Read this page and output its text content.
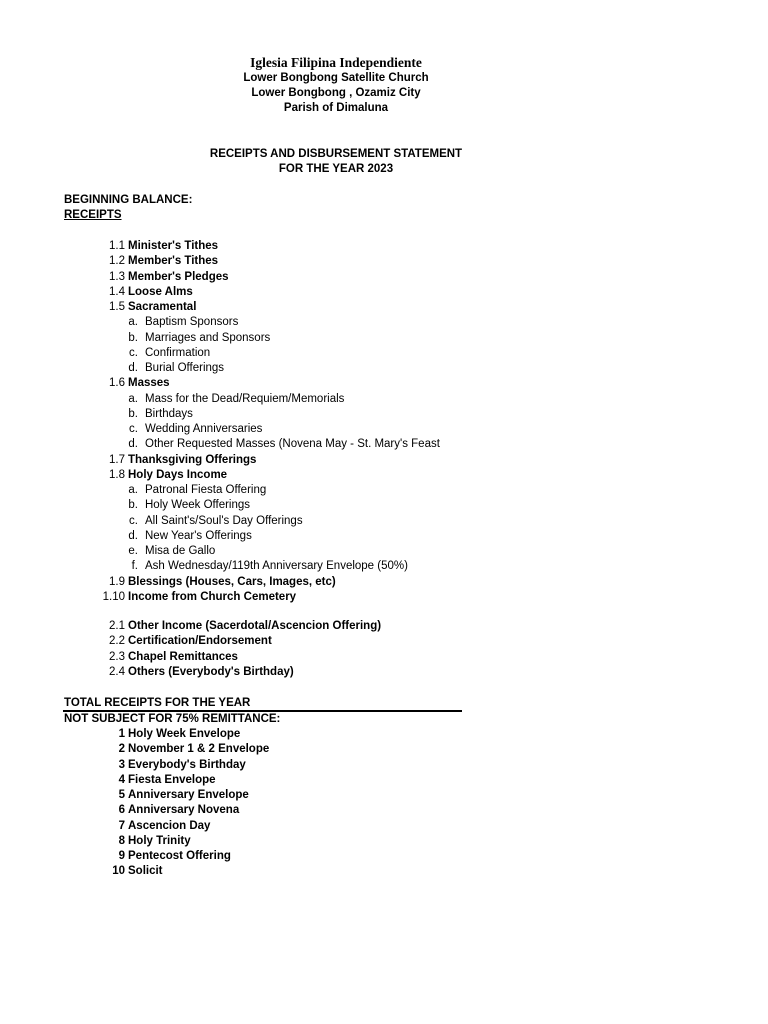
Iglesia Filipina Independiente
Lower Bongbong Satellite Church
Lower Bongbong , Ozamiz City
Parish of Dimaluna
RECEIPTS AND DISBURSEMENT STATEMENT
FOR THE YEAR 2023
BEGINNING BALANCE:
RECEIPTS
1.1 Minister's Tithes
1.2 Member's Tithes
1.3 Member's Pledges
1.4 Loose Alms
1.5 Sacramental
a. Baptism Sponsors
b. Marriages and Sponsors
c. Confirmation
d. Burial Offerings
1.6 Masses
a. Mass for the Dead/Requiem/Memorials
b. Birthdays
c. Wedding Anniversaries
d. Other Requested Masses (Novena May - St. Mary's Feast
1.7 Thanksgiving Offerings
1.8 Holy Days Income
a. Patronal Fiesta Offering
b. Holy Week Offerings
c. All Saint's/Soul's Day Offerings
d. New Year's Offerings
e. Misa de Gallo
f. Ash Wednesday/119th Anniversary Envelope (50%)
1.9 Blessings (Houses, Cars, Images, etc)
1.10 Income from Church Cemetery
2.1 Other Income (Sacerdotal/Ascencion Offering)
2.2 Certification/Endorsement
2.3 Chapel Remittances
2.4 Others (Everybody's Birthday)
TOTAL RECEIPTS FOR THE YEAR
NOT SUBJECT FOR 75% REMITTANCE:
1 Holy Week Envelope
2 November 1 & 2 Envelope
3 Everybody's Birthday
4 Fiesta Envelope
5 Anniversary Envelope
6 Anniversary Novena
7 Ascencion Day
8 Holy Trinity
9 Pentecost Offering
10 Solicit
